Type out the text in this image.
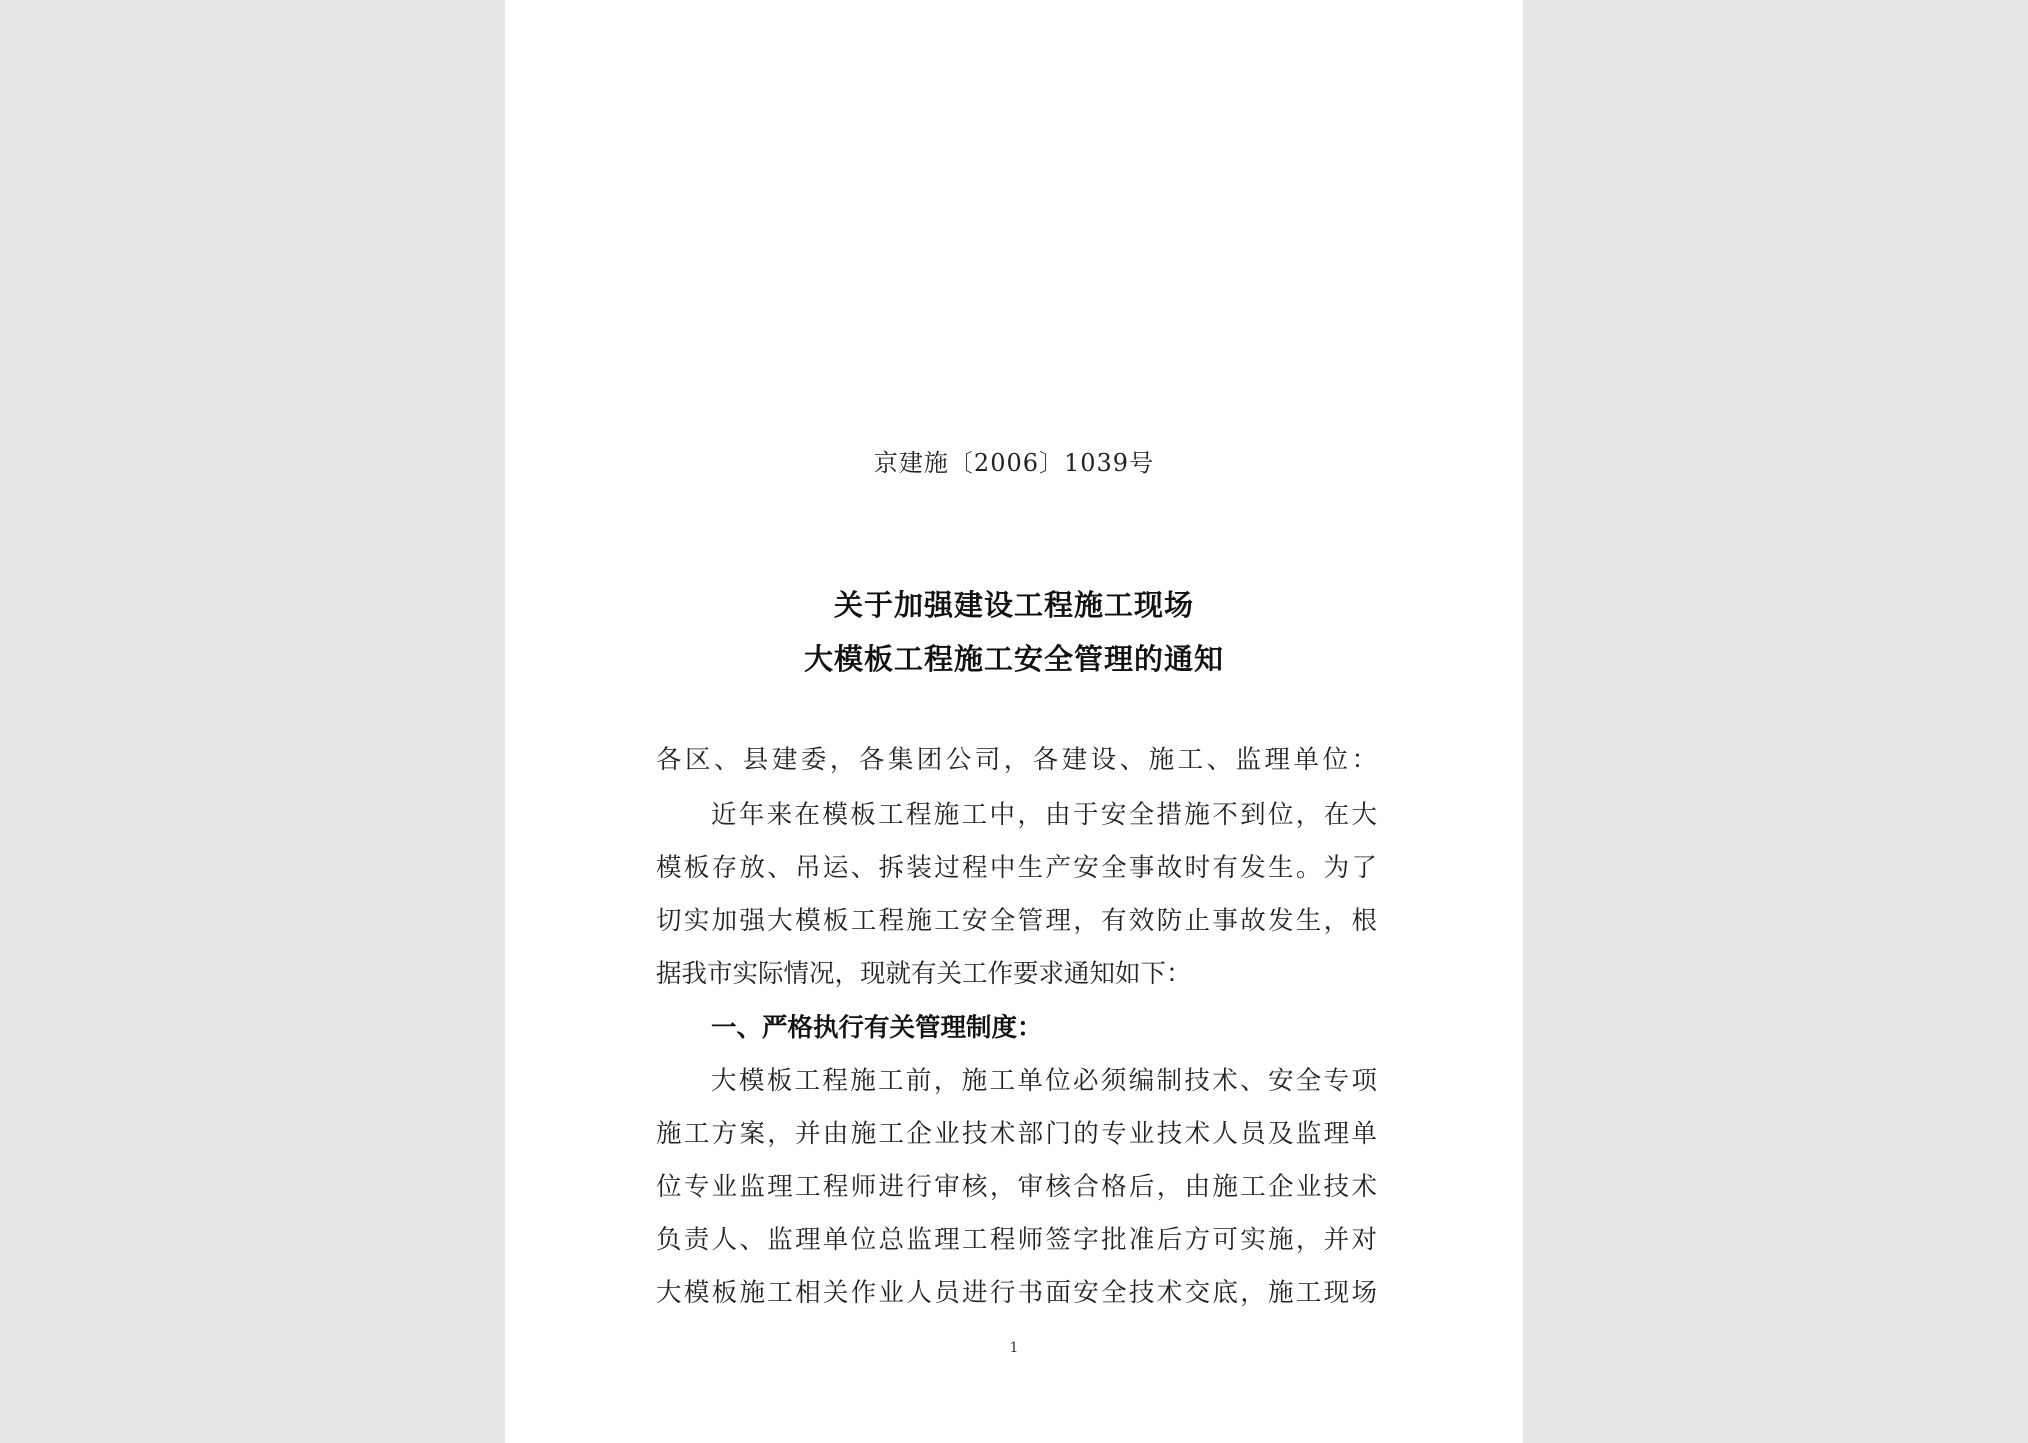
京建施〔2006〕1039号
关于加强建设工程施工现场
大模板工程施工安全管理的通知
各区、县建委，各集团公司，各建设、施工、监理单位：
近年来在模板工程施工中，由于安全措施不到位，在大
模板存放、吊运、拆装过程中生产安全事故时有发生。为了
切实加强大模板工程施工安全管理，有效防止事故发生，根
据我市实际情况，现就有关工作要求通知如下：
一、严格执行有关管理制度：
大模板工程施工前，施工单位必须编制技术、安全专项
施工方案，并由施工企业技术部门的专业技术人员及监理单
位专业监理工程师进行审核，审核合格后，由施工企业技术
负责人、监理单位总监理工程师签字批准后方可实施，并对
大模板施工相关作业人员进行书面安全技术交底，施工现场
1
